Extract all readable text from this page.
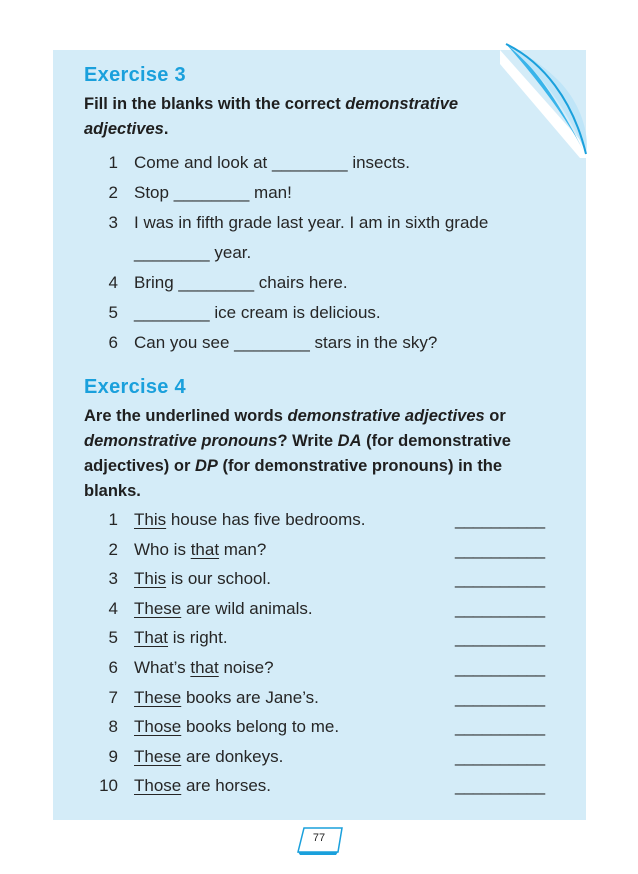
Exercise 3

Fill in the blanks with the correct demonstrative adjectives.

1 Come and look at ________ insects.
2 Stop ________ man!
3 I was in fifth grade last year. I am in sixth grade
________ year.
4 Bring ________ chairs here.
5 ________ ice cream is delicious.
6 Can you see ________ stars in the sky?
Exercise 4

Are the underlined words demonstrative adjectives or demonstrative pronouns? Write DA (for demonstrative adjectives) or DP (for demonstrative pronouns) in the blanks.

1 This house has five bedrooms.	__________
2 Who is that man?	__________
3 This is our school.	__________
4 These are wild animals.	__________
5 That is right.	__________
6 What’s that noise?	__________
7 These books are Jane’s.	__________
8 Those books belong to me.	__________
9 These are donkeys.	__________
10 Those are horses.	__________
77
